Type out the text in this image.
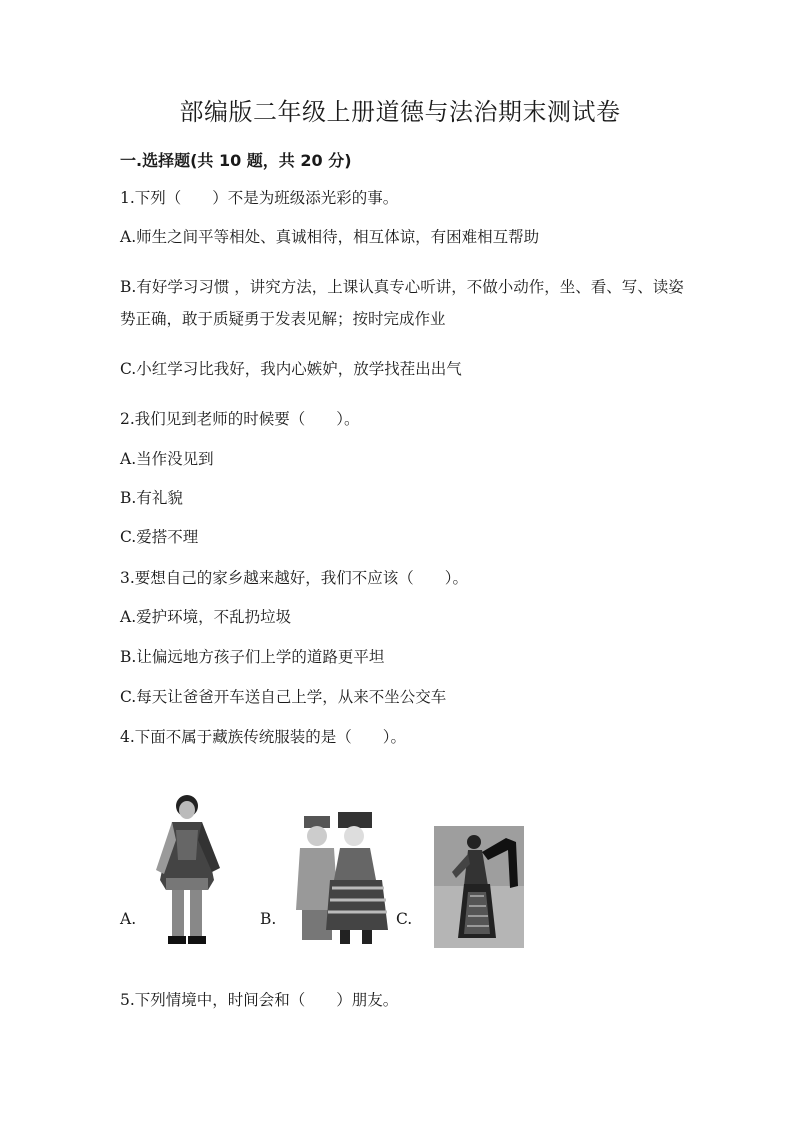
部编版二年级上册道德与法治期末测试卷
一.选择题(共 10 题，共 20 分)
1.下列（　　）不是为班级添光彩的事。
A.师生之间平等相处、真诚相待，相互体谅，有困难相互帮助
B.有好学习习惯 ，讲究方法，上课认真专心听讲，不做小动作，坐、看、写、读姿势正确，敢于质疑勇于发表见解；按时完成作业
C.小红学习比我好，我内心嫉妒，放学找茬出出气
2.我们见到老师的时候要（　　）。
A.当作没见到
B.有礼貌
C.爱搭不理
3.要想自己的家乡越来越好，我们不应该（　　）。
A.爱护环境，不乱扔垃圾
B.让偏远地方孩子们上学的道路更平坦
C.每天让爸爸开车送自己上学，从来不坐公交车
4.下面不属于藏族传统服装的是（　　）。
A.	B.	C.
5.下列情境中，时间会和（　　）朋友。
